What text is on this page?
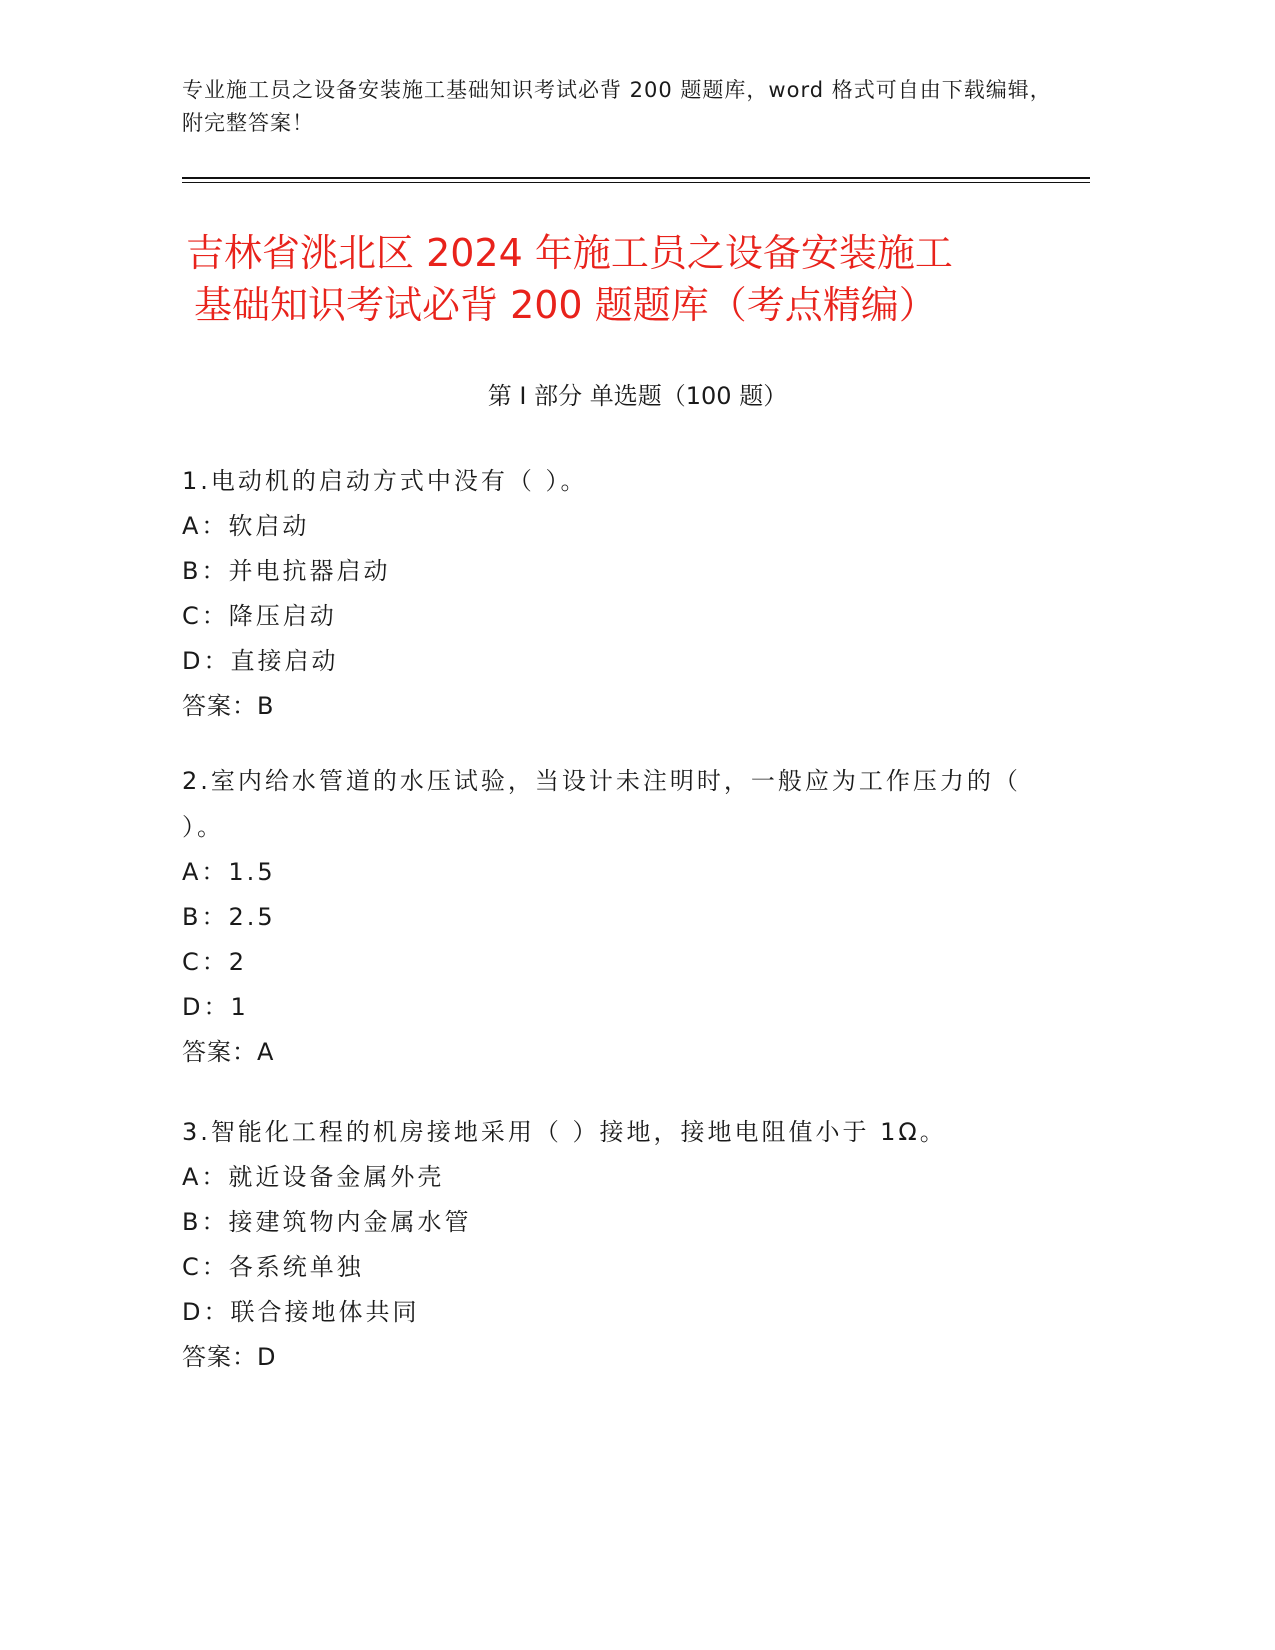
专业施工员之设备安装施工基础知识考试必背 200 题题库，word 格式可自由下载编辑，附完整答案！
吉林省洮北区 2024 年施工员之设备安装施工
基础知识考试必背 200 题题库（考点精编）
第 I 部分 单选题（100 题）

1.电动机的启动方式中没有（ ）。

A：软启动

B：并电抗器启动

C：降压启动

D：直接启动

答案：B

2.室内给水管道的水压试验，当设计未注明时，一般应为工作压力的（ ）。

A：1.5

B：2.5

C：2

D：1

答案：A

3.智能化工程的机房接地采用（ ）接地，接地电阻值小于 1Ω。

A：就近设备金属外壳

B：接建筑物内金属水管

C：各系统单独

D：联合接地体共同

答案：D
